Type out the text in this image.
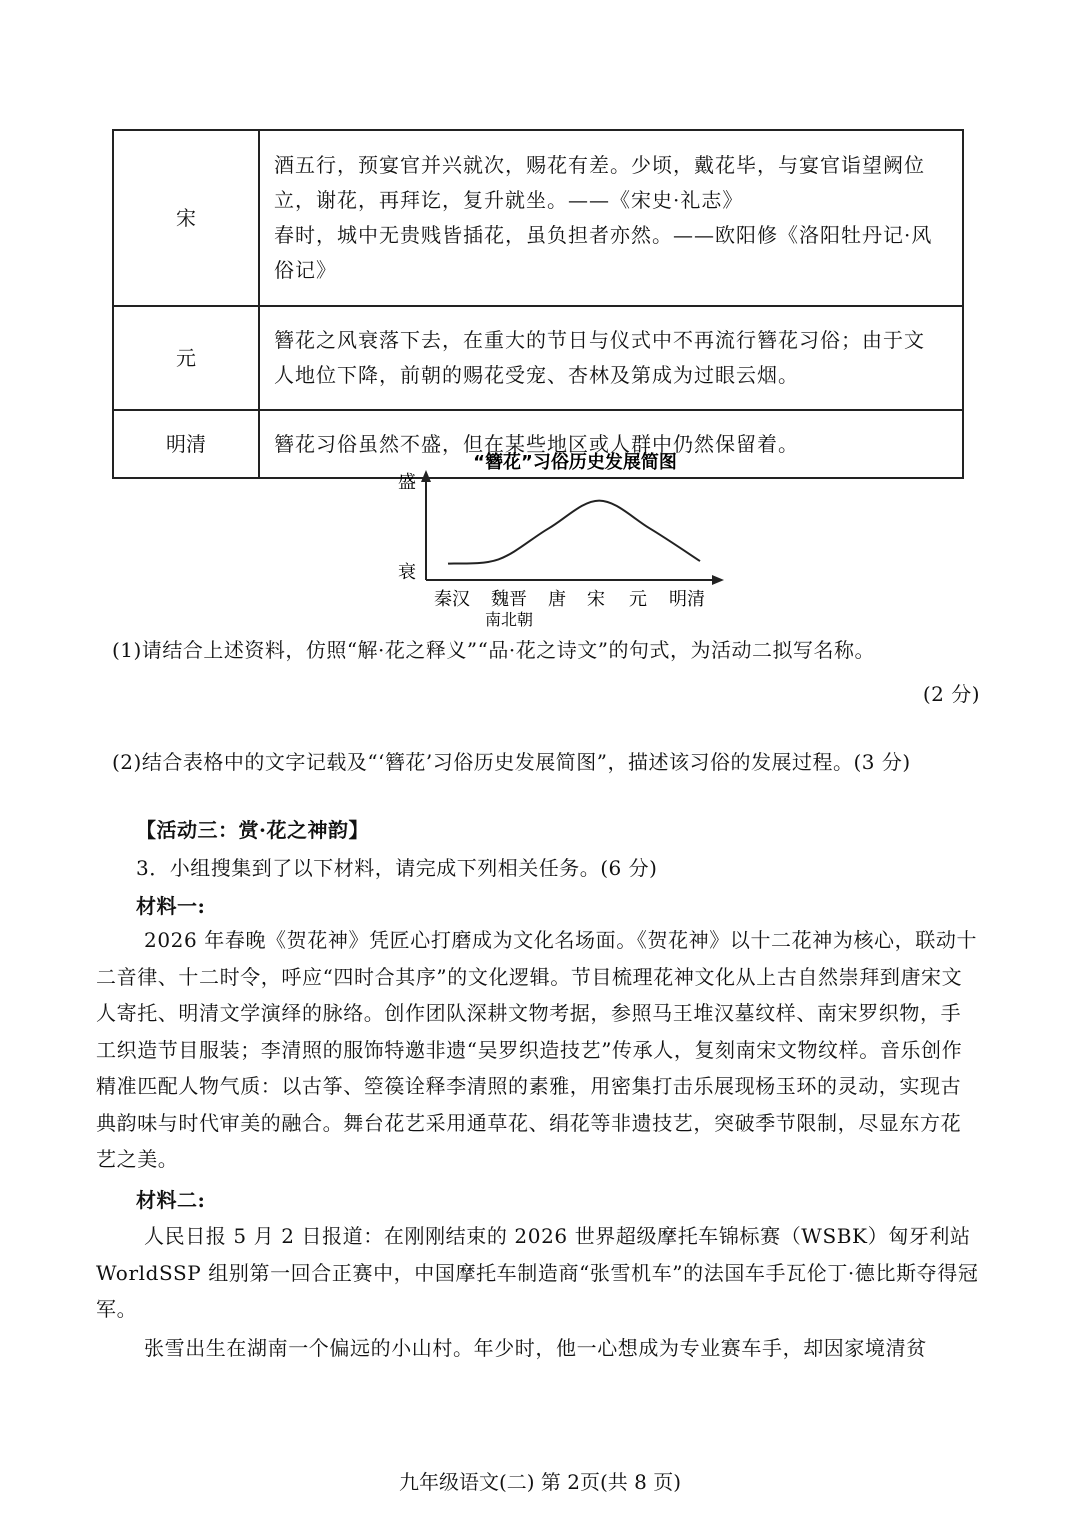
宋	酒五行，预宴官并兴就次，赐花有差。少顷，戴花毕，与宴官诣望阙位
立，谢花，再拜讫，复升就坐。——《宋史·礼志》
春时，城中无贵贱皆插花，虽负担者亦然。——欧阳修《洛阳牡丹记·风
俗记》

元	簪花之风衰落下去，在重大的节日与仪式中不再流行簪花习俗；由于文
人地位下降，前朝的赐花受宠、杏林及第成为过眼云烟。

明清	簪花习俗虽然不盛，但在某些地区或人群中仍然保留着。
“簪花”习俗历史发展简图
盛
衰
秦汉 魏晋
南北朝
唐 宋 元 明清
(1)请结合上述资料，仿照“解·花之释义”“品·花之诗文”的句式，为活动二拟写名称。
(2 分)
(2)结合表格中的文字记载及“‘簪花’习俗历史发展简图”，描述该习俗的发展过程。(3 分)
【活动三：赏·花之神韵】
3．小组搜集到了以下材料，请完成下列相关任务。(6 分)
材料一:
2026 年春晚《贺花神》凭匠心打磨成为文化名场面。《贺花神》以十二花神为核心，联动十二音律、十二时令，呼应“四时合其序”的文化逻辑。节目梳理花神文化从上古自然崇拜到唐宋文人寄托、明清文学演绎的脉络。创作团队深耕文物考据，参照马王堆汉墓纹样、南宋罗织物，手工织造节目服装；李清照的服饰特邀非遗“吴罗织造技艺”传承人，复刻南宋文物纹样。音乐创作精准匹配人物气质：以古筝、箜篌诠释李清照的素雅，用密集打击乐展现杨玉环的灵动，实现古典韵味与时代审美的融合。舞台花艺采用通草花、绢花等非遗技艺，突破季节限制，尽显东方花艺之美。
材料二:
人民日报 5 月 2 日报道：在刚刚结束的 2026 世界超级摩托车锦标赛（WSBK）匈牙利站 WorldSSP 组别第一回合正赛中，中国摩托车制造商“张雪机车”的法国车手瓦伦丁·德比斯夺得冠军。
张雪出生在湖南一个偏远的小山村。年少时，他一心想成为专业赛车手，却因家境清贫
九年级语文(二) 第 2页(共 8 页)
